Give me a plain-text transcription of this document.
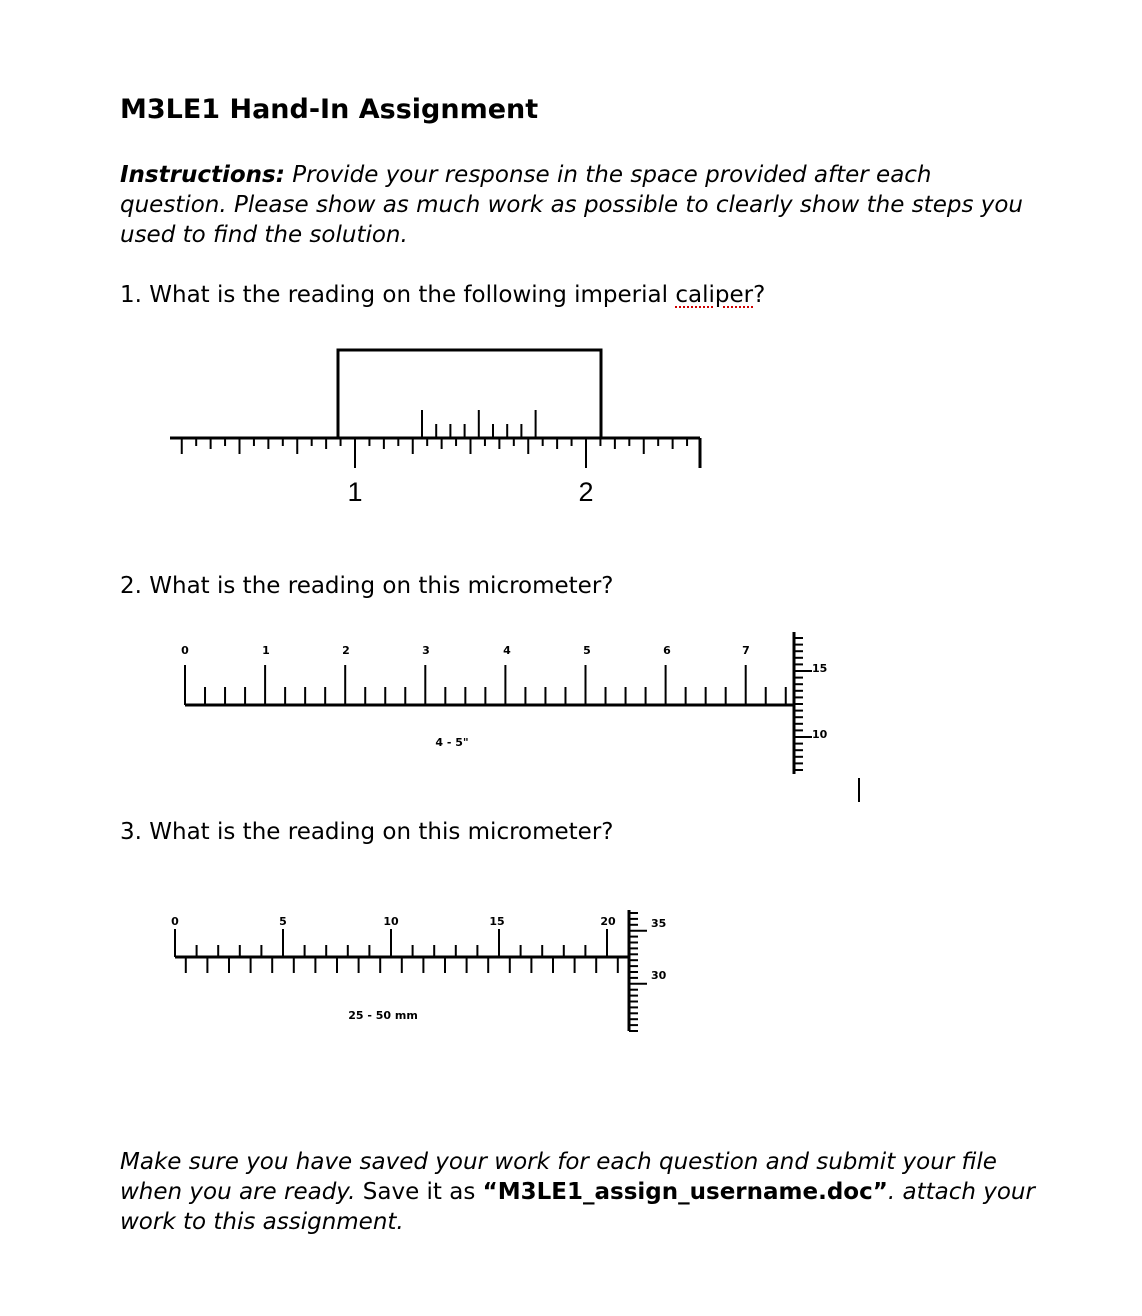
M3LE1 Hand-In Assignment
Instructions: Provide your response in the space provided after each question. Please show as much work as possible to clearly show the steps you used to find the solution.
1. What is the reading on the following imperial caliper?
1	2
2. What is the reading on this micrometer?
0	1	2	3	4	5	6	7
15
10
4 - 5"
3. What is the reading on this micrometer?
0	5	10	15	20	35
30
25 - 50 mm
Make sure you have saved your work for each question and submit your file when you are ready. Save it as “M3LE1_assign_username.doc”. attach your work to this assignment.
